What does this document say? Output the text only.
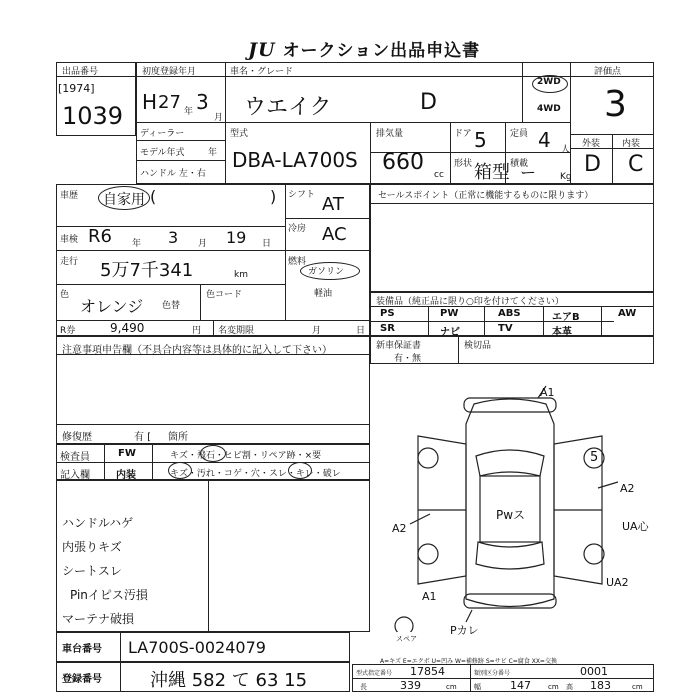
JU オークション出品申込書
出品番号
[1974]
1039
初度登録年月
H 27 年 3
月
車名・グレード
ウエイク	D
2WD
4WD
ディーラー
モデル年式	年
ハンドル 左・右
型式
DBA-LA700S
排気量
660 cc
ドア 5	定員 4 人
形状 箱型 積載
ー	Kg
評価点
3
外装 内装
D C
車歴 自家用 (	)
車検 R6 年 3 月 19 日
走行 5万7千341	km
色
オレンジ 色替
色コード
R券	9,490	円 名変期限	月	日
シフト AT
冷房 AC
燃料
ガソリン
軽油
セールスポイント（正常に機能するものに限ります）
装備品（純正品に限り○印を付けてください）
注意事項申告欄（不具合内容等は具体的に記入して下さい）
修復歴	有 [ 箇所
新車保証書
有・無
検切品
検査員
記入欄
FW	キズ・飛石・ヒビ割・リペア跡・×要
内装	キズ・汚れ・コゲ・穴・スレ・キレ・破レ
A1
A2
UA心
UA2
A2
A1
Pwス
Pカレ
5
スペア
車台番号 LA700S-0024079
登録番号	沖縄 582 て 63 15
A=キズ E=エクボ U=凹み W=補修跡 S=サビ C=腐食 XX=交換
型式指定番号 17854	類別区分番号	0001
長	339	cm 幅	147 cm 高 183	cm
PS	PW	ABS	エアB	AW
SR	ナビ	TV	本革
ハンドルハゲ
内張りキズ
シートスレ
Pinイピス汚損
マーテナ破損
